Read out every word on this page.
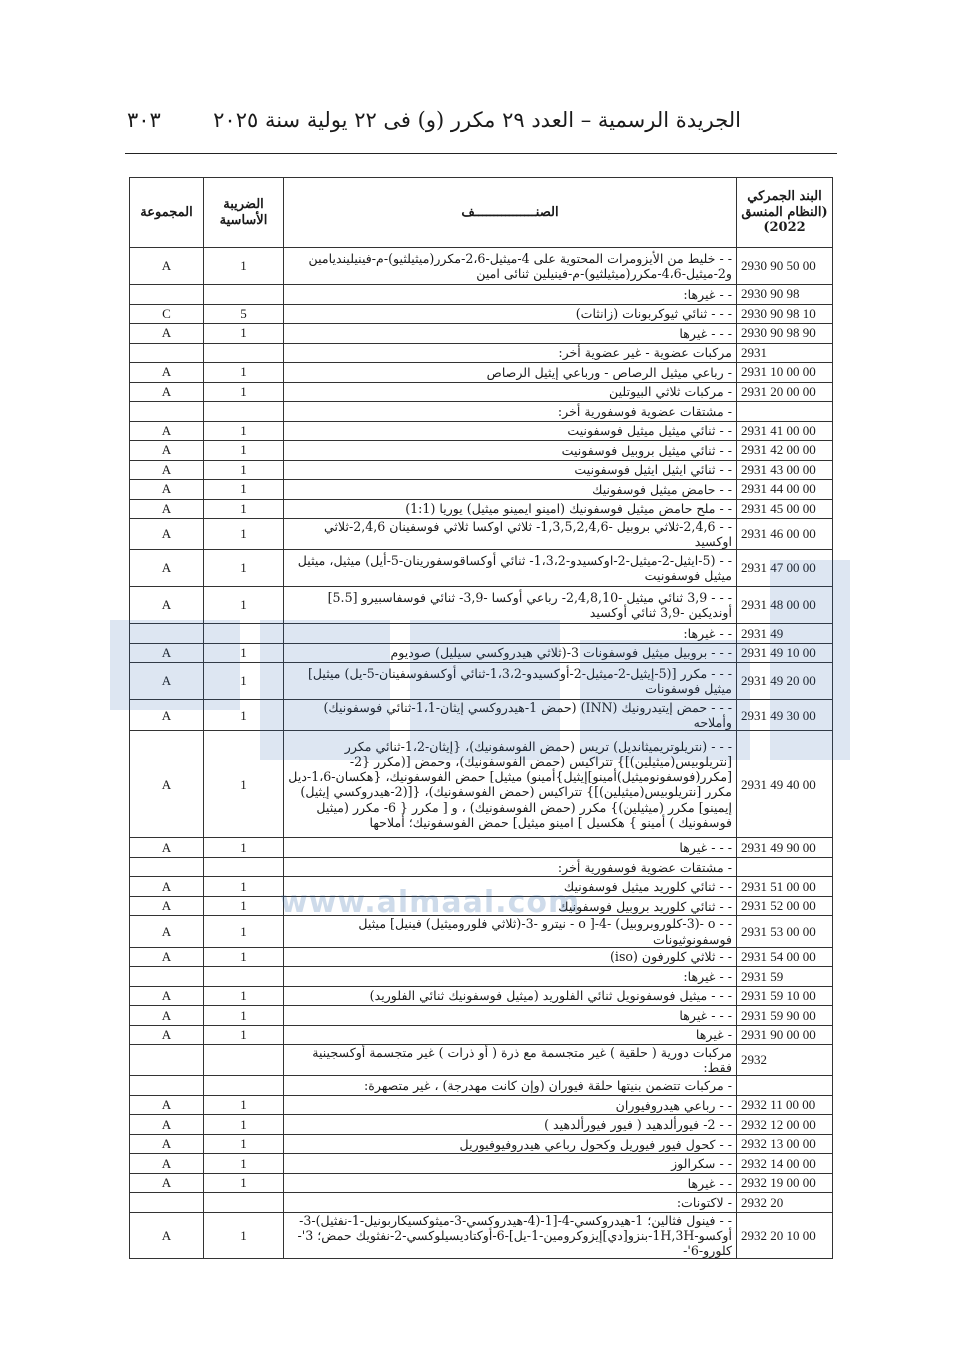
الجريدة الرسمية – العدد ٢٩ مكرر (و) فى ٢٢ يولية سنة ٢٠٢٥
٣٠٣
البند الجمركي (النظام المنسق 2022)	الصنــــــــــــــــف	الضريبة الأساسية	المجموعة
2930 90 50 00	- - خليط من الأيزومرات المحتوية على 4-ميثيل-2،6-مكرر(ميثيلثيو)-م-فينيلينديامين و2-ميثيل-4،6-مكرر(ميثيلثيو)-م-فينيلين ثنائى امين	1	A
2930 90 98	- - غيرها:		
2930 90 98 10	- - - ثنائي ثيوكربونات (زانثات)	5	C
2930 90 98 90	- - - غيرها	1	A
2931	مركبات عضوية - غير عضوية أخر:		
2931 10 00 00	- رباعي ميثيل الرصاص - ورباعي إيثيل الرصاص	1	A
2931 20 00 00	- مركبات ثلاثي البيوتلين	1	A
	- مشتقات عضوية فوسفورية أخر:		
2931 41 00 00	- - ثنائي ميثيل ميثيل فوسفونيت	1	A
2931 42 00 00	- - ثنائي ميثيل بروبيل فوسفونيت	1	A
2931 43 00 00	- - ثنائي ايثيل ايثيل فوسفونيت	1	A
2931 44 00 00	- - حامض ميثيل فوسفونيك	1	A
2931 45 00 00	- - ملح حامض ميثيل فوسفونيك (امينو ايمينو ميثيل) يوريا (1:1)	1	A
2931 46 00 00	- - 2,4,6-ثلاثي بروبيل -1,3,5,2,4,6- ثلاثي اوكسا ثلاثي فوسفينان 2,4,6-ثلاثي اوكسيد	1	A
2931 47 00 00	- - (5-ايثيل-2-ميثيل-2-اوكسيدو-1،3،2- ثنائي أوكساقوسفورينان-5-أيل) ميثيل، ميثيل ميثيل فوسفونيت	1	A
2931 48 00 00	- - - 3,9 ثنائي ميثيل -2,4,8,10- رباعي أوكسا -3,9- ثنائي فوسفاسبيرو [5.5] أونديكين -3,9 ثنائي أوكسيد	1	A
2931 49	- - غيرها:		
2931 49 10 00	- - - بروبيل ميثيل فوسفونات 3-(ثلاثي هيدروكسي سيليل) صوديوم	1	A
2931 49 20 00	- - - مكرر [(5-إيثيل-2-ميثيل-2-أوكسيدو-1،3،2-ثنائي أوكسفوسفينان-5-يل) ميثيل] ميثيل فوسفونات	1	A
2931 49 30 00	- - - حمض إيتيدرونيك (INN) (حمض 1-هيدروكسي إيثان-1،1-ثنائي فوسفونيك) وأملاحه	1	A
2931 49 40 00	- - - (نتريلوتريميثانديل) تريس (حمض الفوسفونيك)، {إيثان-1،2-ثنائي مكرر [نتريلوبيس(ميثيلين)]} تتراكيس (حمض الفوسفونيك)، وحمض [(مكرر {2-[مكرر(فوسفونوميثيل)أمينو]إيثيل}أمينو) ميثيل] حمض الفوسفونيك، {هكسان-1،6-ديل مكرر [نتريلوبيس(ميثيلين)]} تتراكيس (حمض الفوسفونيك)، {[(2-هيدروكسي إيثيل) إيمينو] مكرر (ميثيلين)} مكرر (حمض الفوسفونيك) ، و [ مكرر { 6- مكرر (ميثيل فوسفونيك ) أمينو } هكسيل ] امينو ميثيل] حمض الفوسفونيك؛ أملاحها	1	A
2931 49 90 00	- - - غيرها	1	A
	- مشتقات عضوية فوسفورية أخر:		
2931 51 00 00	- - ثنائي كلوريد ميثيل فوسفونيك	1	A
2931 52 00 00	- - ثنائي كلوريد بروبيل فوسفونيك	1	A
2931 53 00 00	- - o -(3-كلوروبروبيل) -4-[ o - نيترو -3-(ثلاثي فلوروميثيل) فينيل] ميثيل فوسفونوثيونات	1	A
2931 54 00 00	- - ثلاثي كلورفون (iso)	1	A
2931 59	- - غيرها:		
2931 59 10 00	- - - ميثيل فوسفونويل ثنائي الفلوريد (ميثيل فوسفونيك ثنائي الفلوريد)	1	A
2931 59 90 00	- - - غيرها	1	A
2931 90 00 00	- غيرها	1	A
2932	مركبات دورية ( حلقية ) غير متجسمة مع ذرة ( أو ذرات ) غير متجسمة أوكسجينية فقط:		
	- مركبات تتضمن بنيتها حلقة فيوران (وإن كانت مهدرجة) ، غير متصهرة:		
2932 11 00 00	- - رباعي هيدروفيوران	1	A
2932 12 00 00	- - 2- فيورألدهيد ( فيور فيورألدهيد )	1	A
2932 13 00 00	- - كحول فيور فيوريل وكحول رباعي هيدروفيوفيوريل	1	A
2932 14 00 00	- - سكرالوز	1	A
2932 19 00 00	- - غيرها	1	A
2932 20	- لاكتونات:		
2932 20 10 00	- - فينول فثالين؛ 1-هيدروكسي-4-[1-(4-هيدروكسي-3-ميثوكسيكاربونيل-1-نفثيل)-3-أوكسو-1H,3H-بنزو[دي]إيزوكرومين-1-يل]-6-أوكتاديسيلوكسي-2-نفثويك حمض؛ 3'-كلورو-6'-	1	A
www.almaal.com
